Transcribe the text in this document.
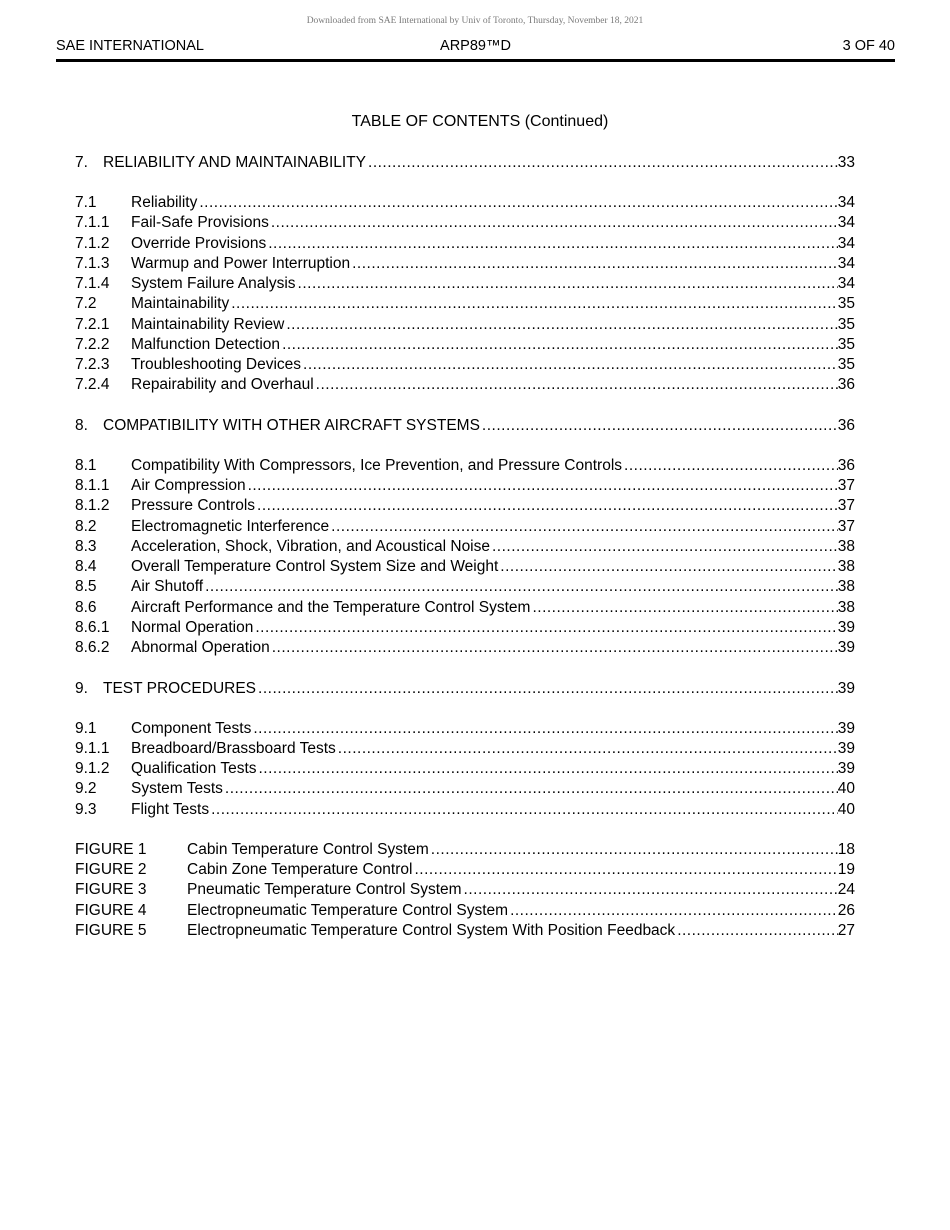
Downloaded from SAE International by Univ of Toronto, Thursday, November 18, 2021
SAE INTERNATIONAL	ARP89™D	3 OF 40
TABLE OF CONTENTS (Continued)
7. RELIABILITY AND MAINTAINABILITY .....	33
7.1 Reliability .....	34
7.1.1 Fail-Safe Provisions .....	34
7.1.2 Override Provisions .....	34
7.1.3 Warmup and Power Interruption .....	34
7.1.4 System Failure Analysis .....	34
7.2 Maintainability .....	35
7.2.1 Maintainability Review .....	35
7.2.2 Malfunction Detection .....	35
7.2.3 Troubleshooting Devices .....	35
7.2.4 Repairability and Overhaul .....	36
8. COMPATIBILITY WITH OTHER AIRCRAFT SYSTEMS .....	36
8.1 Compatibility With Compressors, Ice Prevention, and Pressure Controls .....	36
8.1.1 Air Compression .....	37
8.1.2 Pressure Controls .....	37
8.2 Electromagnetic Interference .....	37
8.3 Acceleration, Shock, Vibration, and Acoustical Noise .....	38
8.4 Overall Temperature Control System Size and Weight .....	38
8.5 Air Shutoff .....	38
8.6 Aircraft Performance and the Temperature Control System .....	38
8.6.1 Normal Operation .....	39
8.6.2 Abnormal Operation .....	39
9. TEST PROCEDURES .....	39
9.1 Component Tests .....	39
9.1.1 Breadboard/Brassboard Tests .....	39
9.1.2 Qualification Tests .....	39
9.2 System Tests .....	40
9.3 Flight Tests .....	40
FIGURE 1	Cabin Temperature Control System .....	18
FIGURE 2	Cabin Zone Temperature Control .....	19
FIGURE 3	Pneumatic Temperature Control System .....	24
FIGURE 4	Electropneumatic Temperature Control System .....	26
FIGURE 5	Electropneumatic Temperature Control System With Position Feedback .....	27
